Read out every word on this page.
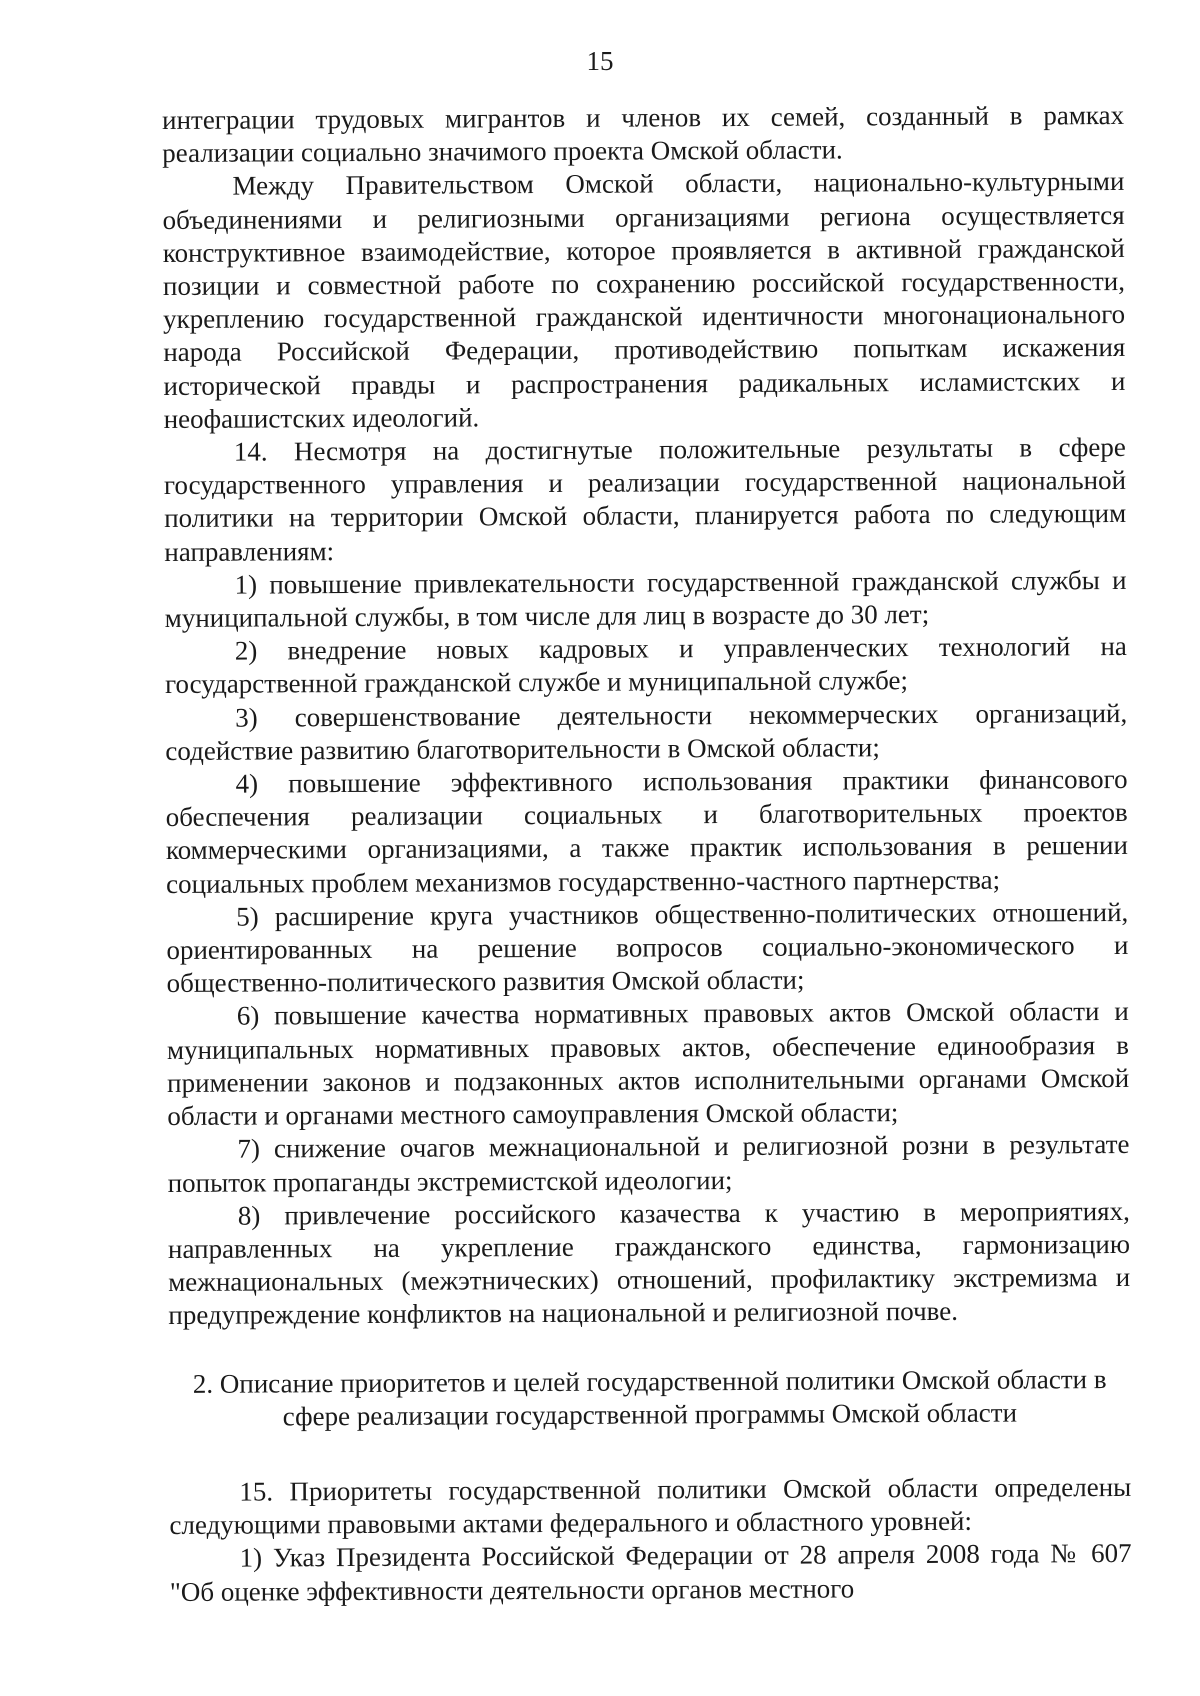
15

интеграции трудовых мигрантов и членов их семей, созданный в рамках реализации социально значимого проекта Омской области.

Между Правительством Омской области, национально-культурными объединениями и религиозными организациями региона осуществляется конструктивное взаимодействие, которое проявляется в активной гражданской позиции и совместной работе по сохранению российской государственности, укреплению государственной гражданской идентичности многонационального народа Российской Федерации, противодействию попыткам искажения исторической правды и распространения радикальных исламистских и неофашистских идеологий.

14. Несмотря на достигнутые положительные результаты в сфере государственного управления и реализации государственной национальной политики на территории Омской области, планируется работа по следующим направлениям:

1) повышение привлекательности государственной гражданской службы и муниципальной службы, в том числе для лиц в возрасте до 30 лет;

2) внедрение новых кадровых и управленческих технологий на государственной гражданской службе и муниципальной службе;

3) совершенствование деятельности некоммерческих организаций, содействие развитию благотворительности в Омской области;

4) повышение эффективного использования практики финансового обеспечения реализации социальных и благотворительных проектов коммерческими организациями, а также практик использования в решении социальных проблем механизмов государственно-частного партнерства;

5) расширение круга участников общественно-политических отношений, ориентированных на решение вопросов социально-экономического и общественно-политического развития Омской области;

6) повышение качества нормативных правовых актов Омской области и муниципальных нормативных правовых актов, обеспечение единообразия в применении законов и подзаконных актов исполнительными органами Омской области и органами местного самоуправления Омской области;

7) снижение очагов межнациональной и религиозной розни в результате попыток пропаганды экстремистской идеологии;

8) привлечение российского казачества к участию в мероприятиях, направленных на укрепление гражданского единства, гармонизацию межнациональных (межэтнических) отношений, профилактику экстремизма и предупреждение конфликтов на национальной и религиозной почве.

2. Описание приоритетов и целей государственной политики Омской области в сфере реализации государственной программы Омской области

15. Приоритеты государственной политики Омской области определены следующими правовыми актами федерального и областного уровней:

1) Указ Президента Российской Федерации от 28 апреля 2008 года № 607 "Об оценке эффективности деятельности органов местного
